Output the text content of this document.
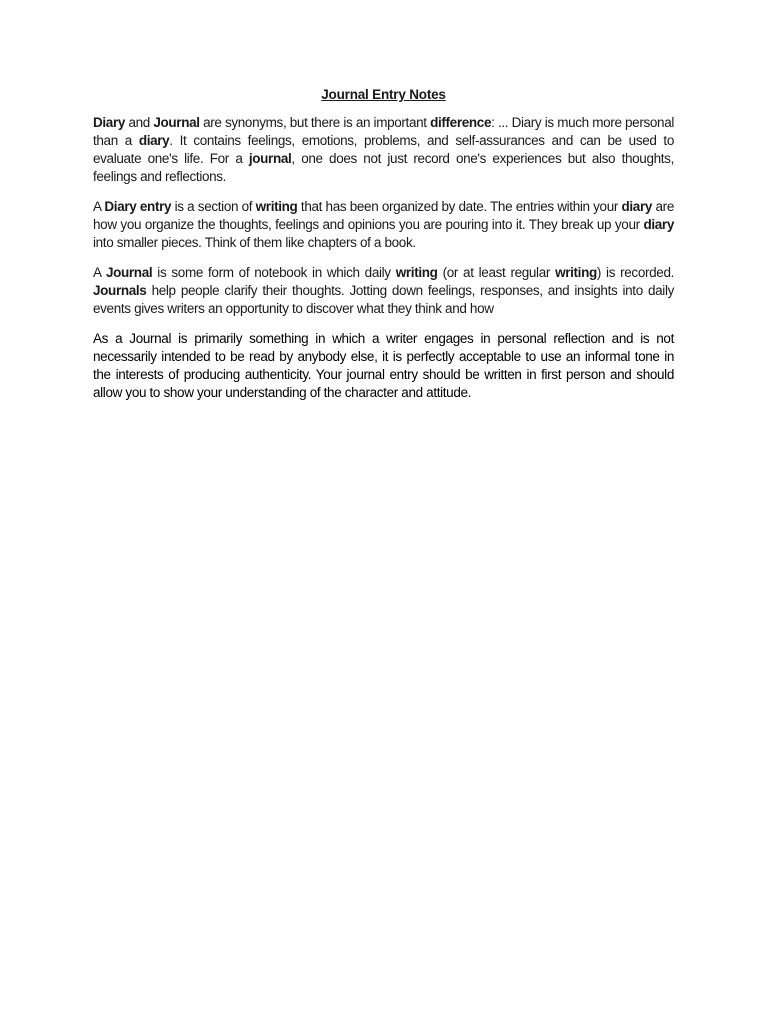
Journal Entry Notes

Diary and Journal are synonyms, but there is an important difference: ... Diary is much more personal than a diary. It contains feelings, emotions, problems, and self-assurances and can be used to evaluate one's life. For a journal, one does not just record one's experiences but also thoughts, feelings and reflections.

A Diary entry is a section of writing that has been organized by date. The entries within your diary are how you organize the thoughts, feelings and opinions you are pouring into it. They break up your diary into smaller pieces. Think of them like chapters of a book.

A Journal is some form of notebook in which daily writing (or at least regular writing) is recorded. Journals help people clarify their thoughts. Jotting down feelings, responses, and insights into daily events gives writers an opportunity to discover what they think and how

As a Journal is primarily something in which a writer engages in personal reflection and is not necessarily intended to be read by anybody else, it is perfectly acceptable to use an informal tone in the interests of producing authenticity. Your journal entry should be written in first person and should allow you to show your understanding of the character and attitude.
